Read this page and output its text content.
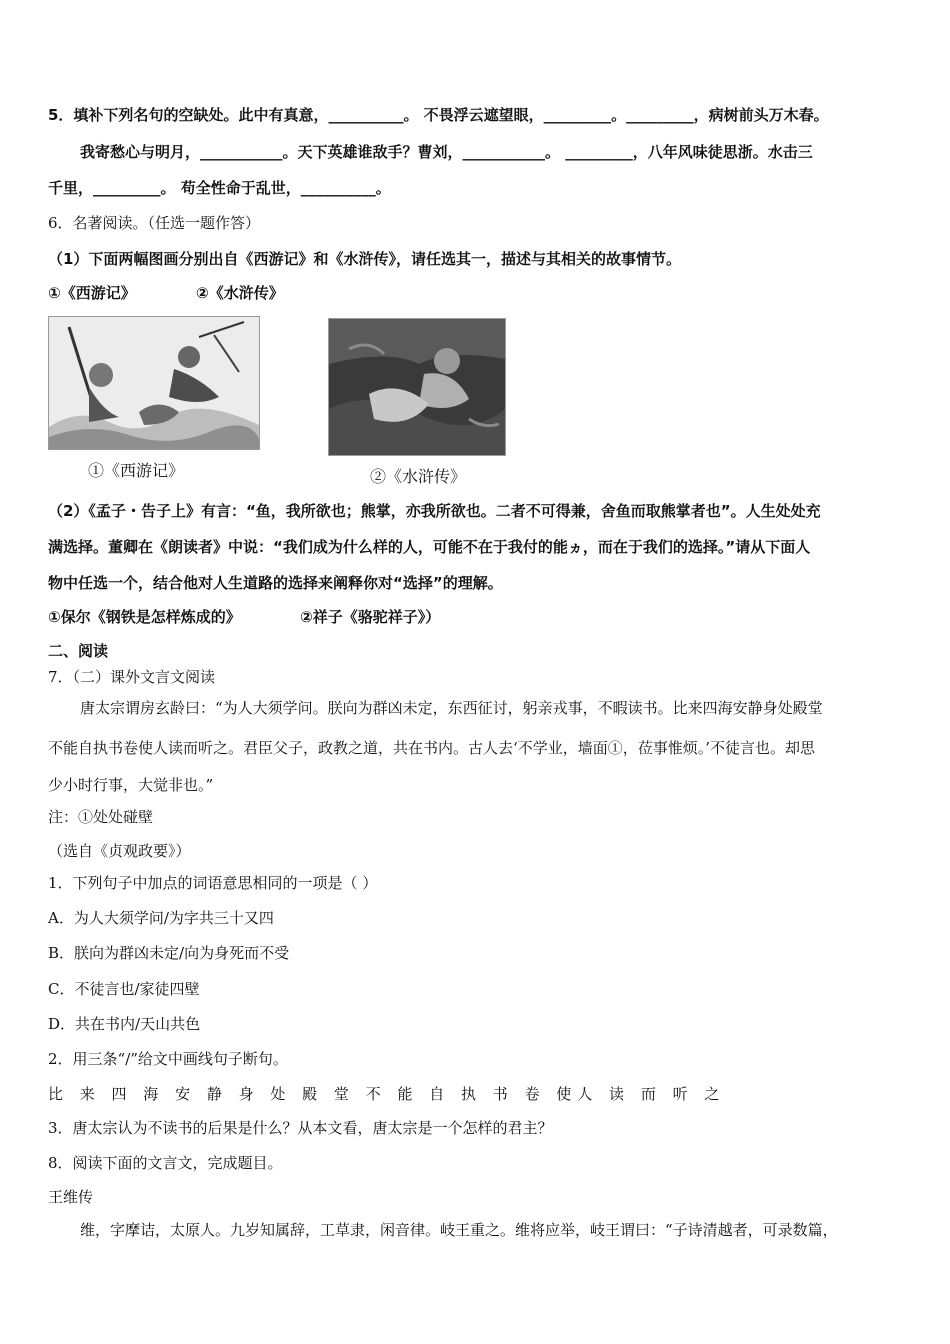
5．填补下列名句的空缺处。此中有真意，__________。 不畏浮云遮望眼，_________。_________，病树前头万木春。
我寄愁心与明月，___________。天下英雄谁敌手？曹刘，___________。 _________，八年风味徒思浙。水击三
千里，_________。 苟全性命于乱世，__________。
6．名著阅读。（任选一题作答）
（1）下面两幅图画分别出自《西游记》和《水浒传》，请任选其一，描述与其相关的故事情节。
①《西游记》	②《水浒传》
①《西游记》	②《水浒传》
（2）《孟子・告子上》有言：“鱼，我所欲也；熊掌，亦我所欲也。二者不可得兼，舍鱼而取熊掌者也”。人生处处充
满选择。董卿在《朗读者》中说：“我们成为什么样的人，可能不在于我付的能ヵ，而在于我们的选择。”请从下面人
物中任选一个，结合他对人生道路的选择来阐释你对“选择”的理解。
①保尔《钢铁是怎样炼成的》	②祥子《骆驼祥子》）
二、阅读
7．（二）课外文言文阅读
唐太宗谓房玄龄曰：“为人大须学问。朕向为群凶未定，东西征讨，躬亲戎事，不暇读书。比来四海安静身处殿堂
不能自执书卷使人读而听之。君臣父子，政教之道，共在书内。古人去‘不学业，墙面①，莅事惟烦。’不徒言也。却思
少小时行事，大觉非也。”
注：①处处碰壁
（选自《贞观政要》）
1．下列句子中加点的词语意思相同的一项是（ ）
A．为人大须学问/为字共三十又四
B．朕向为群凶未定/向为身死而不受
C．不徒言也/家徒四壁
D．共在书内/天山共色
2．用三条“/”给文中画线句子断句。
比 来 四 海 安 静 身 处 殿 堂 不 能 自 执 书 卷 使人 读 而 听 之
3．唐太宗认为不读书的后果是什么？从本文看，唐太宗是一个怎样的君主？
8．阅读下面的文言文，完成题目。
王维传
维，字摩诘，太原人。九岁知属辞，工草隶，闲音律。岐王重之。维将应举，岐王谓曰：“子诗清越者，可录数篇，
